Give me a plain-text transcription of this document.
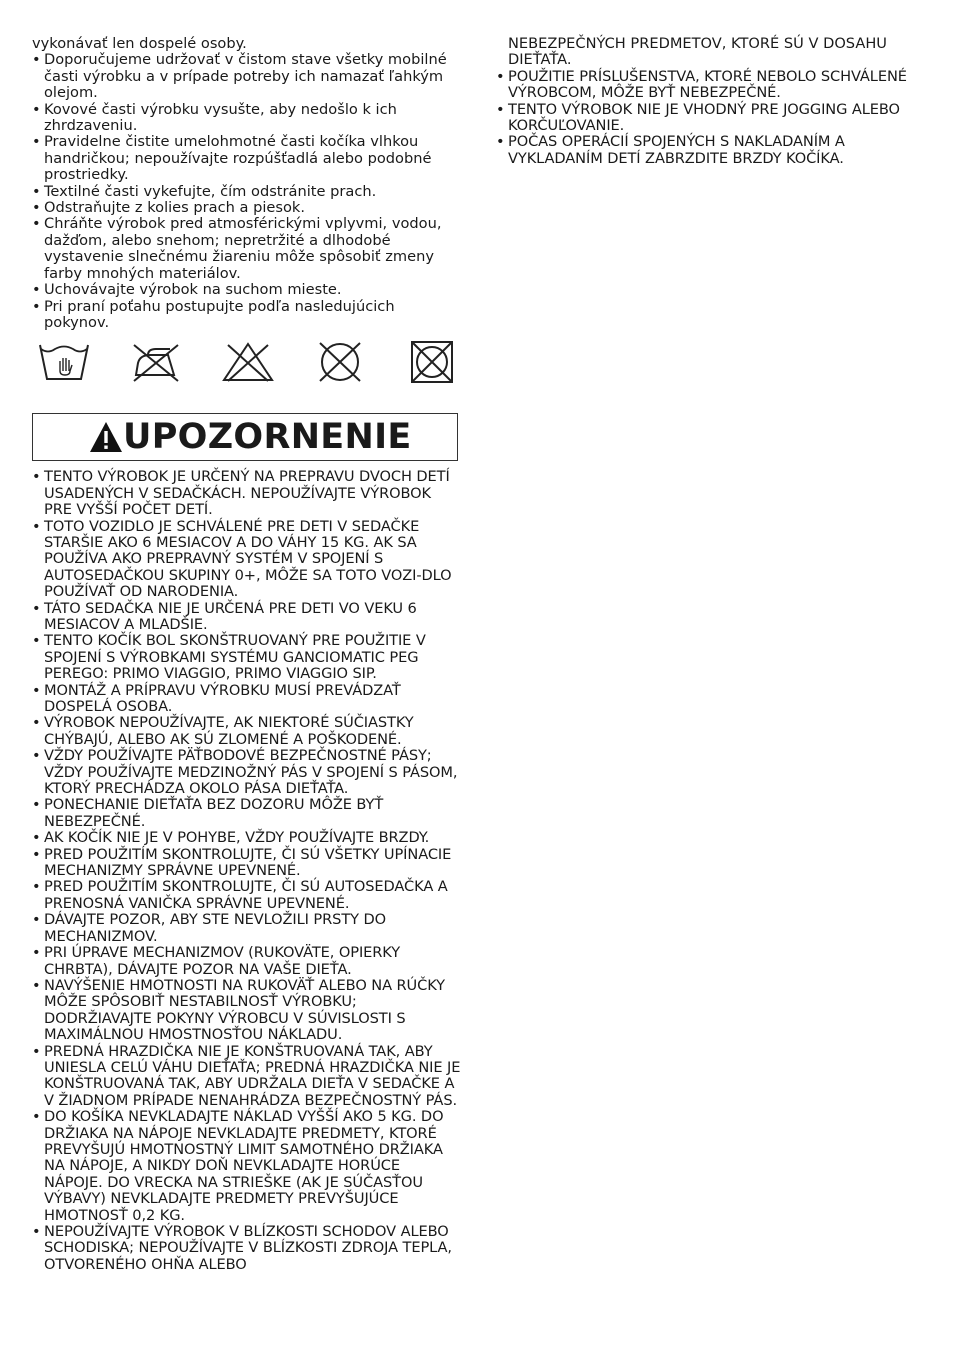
vykonávať len dospelé osoby.

• Doporučujeme udržovať v čistom stave všetky mobilné časti výrobku a v prípade potreby ich namazať ľahkým olejom.
• Kovové časti výrobku vysušte, aby nedošlo k ich zhrdzaveniu.
• Pravidelne čistite umelohmotné časti kočíka vlhkou handričkou; nepoužívajte rozpúšťadlá alebo podobné prostriedky.
• Textilné časti vykefujte, čím odstránite prach.
• Odstraňujte z kolies prach a piesok.
• Chráňte výrobok pred atmosférickými vplyvmi, vodou, dažďom, alebo snehom; nepretržité a dlhodobé vystavenie slnečnému žiareniu môže spôsobiť zmeny farby mnohých materiálov.
• Uchovávajte výrobok na suchom mieste.
• Pri praní poťahu postupujte podľa nasledujúcich pokynov.
UPOZORNENIE
• TENTO VÝROBOK JE URČENÝ NA PREPRAVU DVOCH DETÍ USADENÝCH V SEDAČKÁCH. NEPOUŽÍVAJTE VÝROBOK PRE VYŠŠÍ POČET DETÍ.
• TOTO VOZIDLO JE SCHVÁLENÉ PRE DETI V SEDAČKE STARŠIE AKO 6 MESIACOV A DO VÁHY 15 KG. AK SA POUŽÍVA AKO PREPRAVNÝ SYSTÉM V SPOJENÍ S AUTOSEDAČKOU SKUPINY 0+, MÔŽE SA TOTO VOZI-DLO POUŽÍVAŤ OD NARODENIA.
• TÁTO SEDAČKA NIE JE URČENÁ PRE DETI VO VEKU 6 MESIACOV A MLADŠIE.
• TENTO KOČÍK BOL SKONŠTRUOVANÝ PRE POUŽITIE V SPOJENÍ S VÝROBKAMI SYSTÉMU GANCIOMATIC PEG PEREGO: PRIMO VIAGGIO, PRIMO VIAGGIO SIP.
• MONTÁŽ A PRÍPRAVU VÝROBKU MUSÍ PREVÁDZAŤ DOSPELÁ OSOBA.
• VÝROBOK NEPOUŽÍVAJTE, AK NIEKTORÉ SÚČIASTKY CHÝBAJÚ, ALEBO AK SÚ ZLOMENÉ A POŠKODENÉ.
• VŽDY POUŽÍVAJTE PÄŤBODOVÉ BEZPEČNOSTNÉ PÁSY; VŽDY POUŽÍVAJTE MEDZINOŽNÝ PÁS V SPOJENÍ S PÁSOM, KTORÝ PRECHÁDZA OKOLO PÁSA DIEŤAŤA.
• PONECHANIE DIEŤAŤA BEZ DOZORU MÔŽE BYŤ NEBEZPEČNÉ.
• AK KOČÍK NIE JE V POHYBE, VŽDY POUŽÍVAJTE BRZDY.
• PRED POUŽITÍM SKONTROLUJTE, ČI SÚ VŠETKY UPÍNACIE MECHANIZMY SPRÁVNE UPEVNENÉ.
• PRED POUŽITÍM SKONTROLUJTE, ČI SÚ AUTOSEDAČKA A PRENOSNÁ VANIČKA SPRÁVNE UPEVNENÉ.
• DÁVAJTE POZOR, ABY STE NEVLOŽILI PRSTY DO MECHANIZMOV.
• PRI ÚPRAVE MECHANIZMOV (RUKOVÄTE, OPIERKY CHRBTA), DÁVAJTE POZOR NA VAŠE DIEŤA.
• NAVÝŠENIE HMOTNOSTI NA RUKOVÄŤ ALEBO NA RÚČKY MÔŽE SPÔSOBIŤ NESTABILNOSŤ VÝROBKU; DODRŽIAVAJTE POKYNY VÝROBCU V SÚVISLOSTI S MAXIMÁLNOU HMOSTNOSŤOU NÁKLADU.
• PREDNÁ HRAZDIČKA NIE JE KONŠTRUOVANÁ TAK, ABY UNIESLA CELÚ VÁHU DIEŤAŤA; PREDNÁ HRAZDIČKA NIE JE KONŠTRUOVANÁ TAK, ABY UDRŽALA DIEŤA V SEDAČKE A V ŽIADNOM PRÍPADE NENAHRÁDZA BEZPEČNOSTNÝ PÁS.
• DO KOŠÍKA NEVKLADAJTE NÁKLAD VYŠŠÍ AKO 5 KG. DO DRŽIAKA NA NÁPOJE NEVKLADAJTE PREDMETY, KTORÉ PREVYŠUJÚ HMOTNOSTNÝ LIMIT SAMOTNÉHO DRŽIAKA NA NÁPOJE, A NIKDY DOŇ NEVKLADAJTE HORÚCE NÁPOJE. DO VRECKA NA STRIEŠKE (AK JE SÚČASŤOU VÝBAVY) NEVKLADAJTE PREDMETY PREVYŠUJÚCE HMOTNOSŤ 0,2 KG.
• NEPOUŽÍVAJTE VÝROBOK V BLÍZKOSTI SCHODOV ALEBO SCHODISKA; NEPOUŽÍVAJTE V BLÍZKOSTI ZDROJA TEPLA, OTVORENÉHO OHŇA ALEBO

NEBEZPEČNÝCH PREDMETOV, KTORÉ SÚ V DOSAHU DIEŤAŤA.

• POUŽITIE PRÍSLUŠENSTVA, KTORÉ NEBOLO SCHVÁLENÉ VÝROBCOM, MÔŽE BYŤ NEBEZPEČNÉ.
• TENTO VÝROBOK NIE JE VHODNÝ PRE JOGGING ALEBO KORČUĽOVANIE.
• POČAS OPERÁCIÍ SPOJENÝCH S NAKLADANÍM A VYKLADANÍM DETÍ ZABRZDITE BRZDY KOČÍKA.
